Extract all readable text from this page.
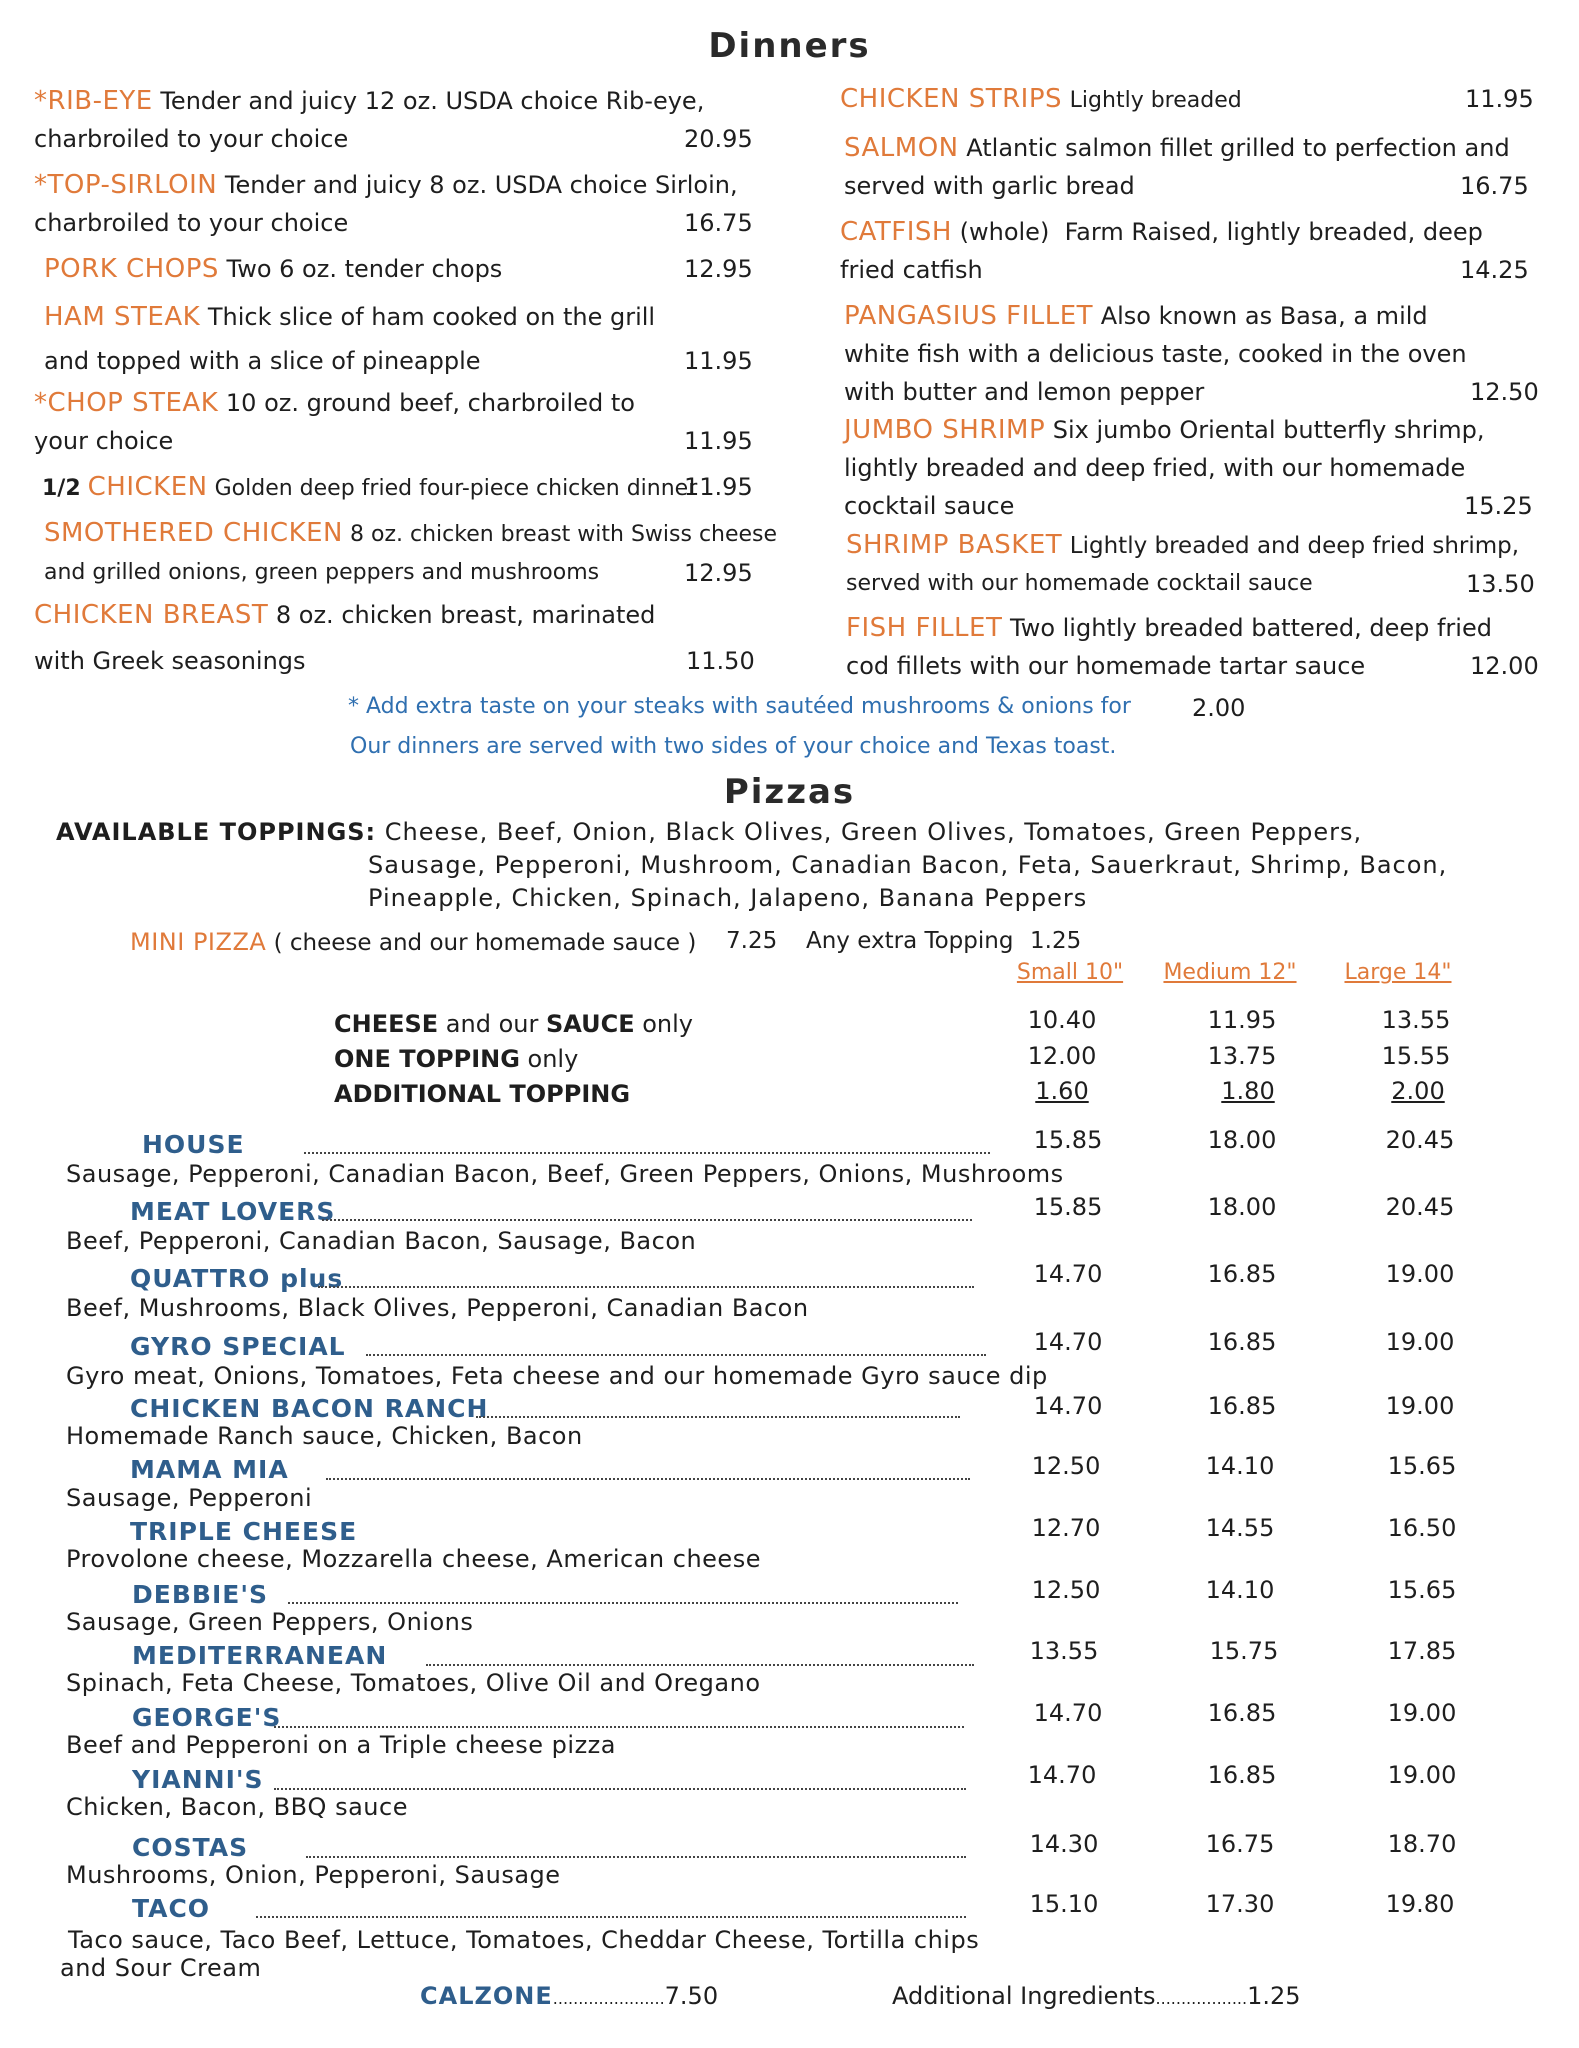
Dinners
*RIB-EYE Tender and juicy 12 oz. USDA choice Rib-eye,
charbroiled to your choice	20.95
*TOP-SIRLOIN Tender and juicy 8 oz. USDA choice Sirloin,
charbroiled to your choice	16.75
PORK CHOPS Two 6 oz. tender chops	12.95
HAM STEAK Thick slice of ham cooked on the grill
and topped with a slice of pineapple	11.95
*CHOP STEAK 10 oz. ground beef, charbroiled to
your choice	11.95
1/2 CHICKEN Golden deep fried four-piece chicken dinner
11.95
SMOTHERED CHICKEN 8 oz. chicken breast with Swiss cheese
and grilled onions, green peppers and mushrooms	12.95
CHICKEN BREAST 8 oz. chicken breast, marinated
with Greek seasonings	11.50
CHICKEN STRIPS Lightly breaded	11.95
SALMON Atlantic salmon fillet grilled to perfection and
served with garlic bread	16.75
CATFISH (whole) Farm Raised, lightly breaded, deep
fried catfish	14.25
PANGASIUS FILLET Also known as Basa, a mild
white fish with a delicious taste, cooked in the oven
with butter and lemon pepper	12.50
JUMBO SHRIMP Six jumbo Oriental butterfly shrimp,
lightly breaded and deep fried, with our homemade
cocktail sauce	15.25
SHRIMP BASKET Lightly breaded and deep fried shrimp,
served with our homemade cocktail sauce	13.50
FISH FILLET Two lightly breaded battered, deep fried
cod fillets with our homemade tartar sauce	12.00
* Add extra taste on your steaks with sautéed mushrooms & onions for	2.00
Our dinners are served with two sides of your choice and Texas toast.
Pizzas
AVAILABLE TOPPINGS: Cheese, Beef, Onion, Black Olives, Green Olives, Tomatoes, Green Peppers,
Sausage, Pepperoni, Mushroom, Canadian Bacon, Feta, Sauerkraut, Shrimp, Bacon,
Pineapple, Chicken, Spinach, Jalapeno, Banana Peppers
MINI PIZZA ( cheese and our homemade sauce ) 7.25 Any extra Topping 1.25
Small 10"	Medium 12"	Large 14"
CHEESE and our SAUCE only
ONE TOPPING only
ADDITIONAL TOPPING
10.40	11.95	13.55
12.00	13.75	15.55
1.60	1.80	2.00
HOUSE
Sausage, Pepperoni, Canadian Bacon, Beef, Green Peppers, Onions, Mushrooms
15.85	18.00	20.45
MEAT LOVERS
Beef, Pepperoni, Canadian Bacon, Sausage, Bacon
15.85	18.00	20.45
QUATTRO plus
Beef, Mushrooms, Black Olives, Pepperoni, Canadian Bacon
14.70	16.85	19.00
GYRO SPECIAL
Gyro meat, Onions, Tomatoes, Feta cheese and our homemade Gyro sauce dip
14.70	16.85	19.00
CHICKEN BACON RANCH
Homemade Ranch sauce, Chicken, Bacon
14.70	16.85	19.00
MAMA MIA
Sausage, Pepperoni
12.50	14.10	15.65
TRIPLE CHEESE
Provolone cheese, Mozzarella cheese, American cheese
12.70	14.55	16.50
DEBBIE'S
Sausage, Green Peppers, Onions
12.50	14.10	15.65
MEDITERRANEAN
Spinach, Feta Cheese, Tomatoes, Olive Oil and Oregano
13.55	15.75	17.85
GEORGE'S
Beef and Pepperoni on a Triple cheese pizza
14.70	16.85	19.00
YIANNI'S
Chicken, Bacon, BBQ sauce
14.70	16.85	19.00
COSTAS
Mushrooms, Onion, Pepperoni, Sausage
14.30	16.75	18.70
TACO
Taco sauce, Taco Beef, Lettuce, Tomatoes, Cheddar Cheese, Tortilla chips
and Sour Cream
15.10	17.30	19.80
CALZONE......................7.50	Additional Ingredients..................1.25
